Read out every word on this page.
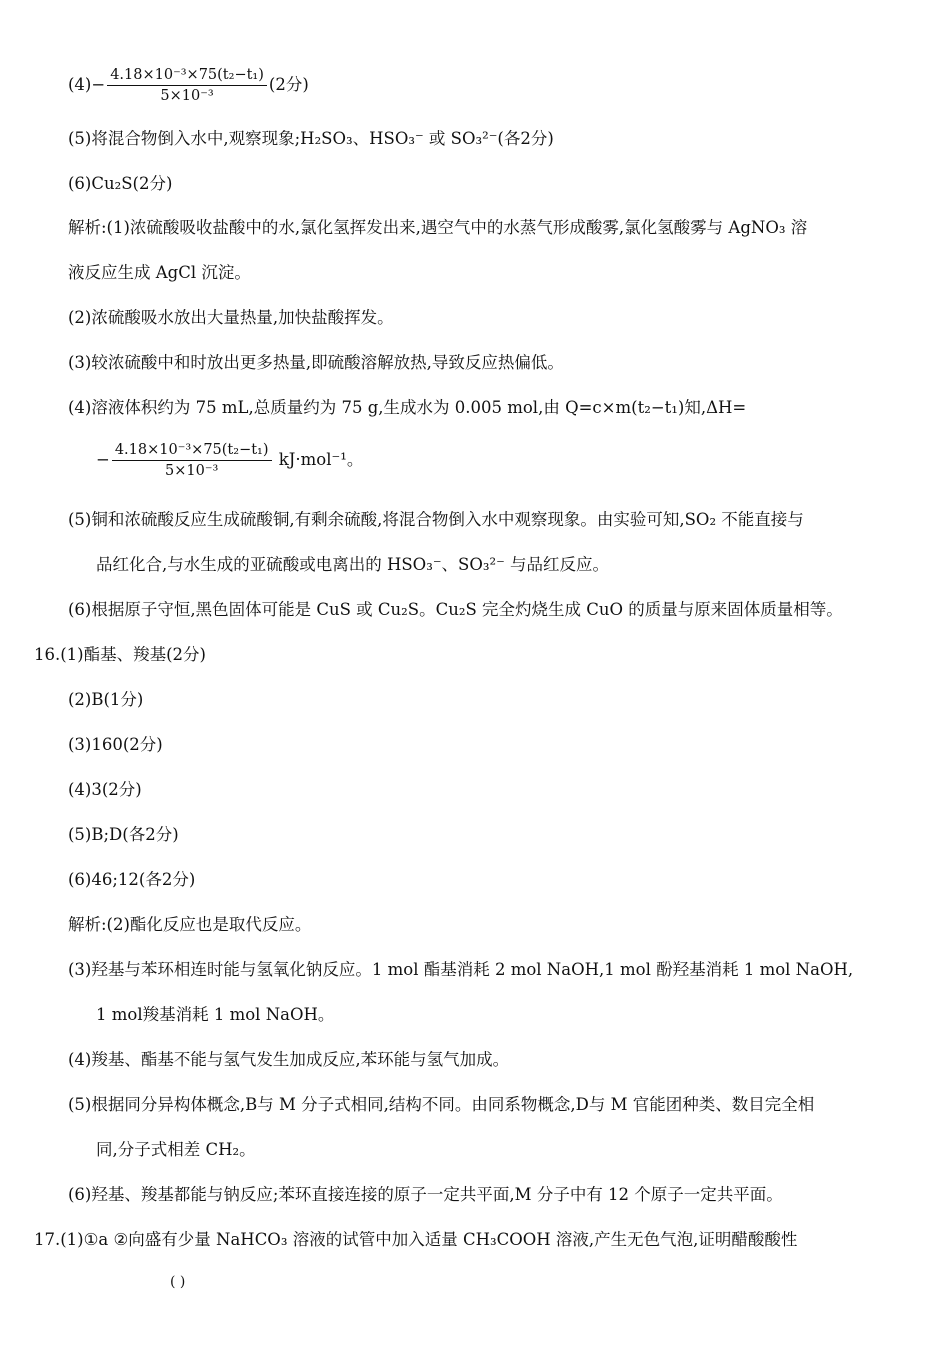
$(4)- \frac{\text{4.18×10⁻³×75(t₂−t₁)}}{\text{5×10⁻³}} (2$分)
(5)将混合物倒入水中,观察现象;H₂SO₃、HSO₃⁻ 或 SO₃²⁻(各2分)
(6)Cu₂S(2分)
解析:(1)浓硫酸吸收盐酸中的水,氯化氢挥发出来,遇空气中的水蒸气形成酸雾,氯化氢酸雾与 AgNO₃ 溶
液反应生成 AgCl 沉淀。
(2)浓硫酸吸水放出大量热量,加快盐酸挥发。
(3)较浓硫酸中和时放出更多热量,即硫酸溶解放热,导致反应热偏低。
(4)溶液体积约为 75 mL,总质量约为 75 g,生成水为 0.005 mol,由 Q=c×m(t₂−t₁)知,ΔH=
− $\frac{\text{4.18×10⁻³×75(t₂−t₁)}}{\text{5×10⁻³}} kJ\cdot mol^{-1}$。
(5)铜和浓硫酸反应生成硫酸铜,有剩余硫酸,将混合物倒入水中观察现象。由实验可知,SO₂ 不能直接与
品红化合,与水生成的亚硫酸或电离出的 HSO₃⁻、SO₃²⁻ 与品红反应。
(6)根据原子守恒,黑色固体可能是 CuS 或 Cu₂S。Cu₂S 完全灼烧生成 CuO 的质量与原来固体质量相等。
16.(1)酯基、羧基(2分)
(2)B(1分)
(3)160(2分)
(4)3(2分)
(5)B;D(各2分)
(6)46;12(各2分)
解析:(2)酯化反应也是取代反应。
(3)羟基与苯环相连时能与氢氧化钠反应。1 mol 酯基消耗 2 mol NaOH,1 mol 酚羟基消耗 1 mol NaOH,
1 mol羧基消耗 1 mol NaOH。
(4)羧基、酯基不能与氢气发生加成反应,苯环能与氢气加成。
(5)根据同分异构体概念,B与 M 分子式相同,结构不同。由同系物概念,D与 M 官能团种类、数目完全相
同,分子式相差 CH₂。
(6)羟基、羧基都能与钠反应;苯环直接连接的原子一定共平面,M 分子中有 12 个原子一定共平面。
17.(1)①a ②向盛有少量 NaHCO₃ 溶液的试管中加入适量 CH₃COOH 溶液,产生无色气泡,证明醋酸酸性
( )
